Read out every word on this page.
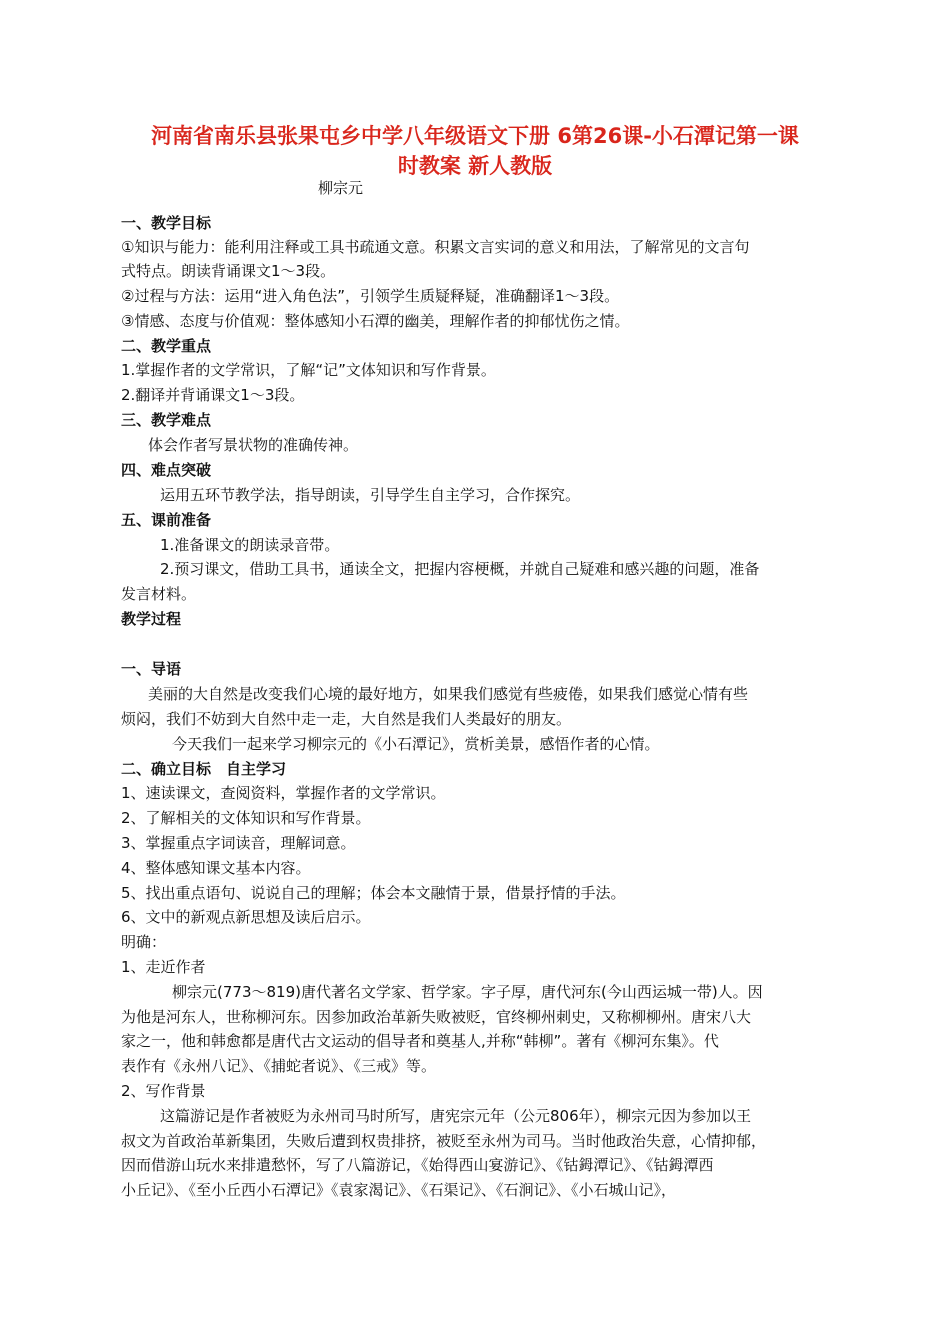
河南省南乐县张果屯乡中学八年级语文下册 6第26课-小石潭记第一课
时教案 新人教版
柳宗元
一、教学目标
①知识与能力：能利用注释或工具书疏通文意。积累文言实词的意义和用法，了解常见的文言句
式特点。朗读背诵课文1～3段。
②过程与方法：运用“进入角色法”，引领学生质疑释疑，准确翻译1～3段。
③情感、态度与价值观：整体感知小石潭的幽美，理解作者的抑郁忧伤之情。
二、教学重点
1.掌握作者的文学常识，了解“记”文体知识和写作背景。
2.翻译并背诵课文1～3段。
三、教学难点
体会作者写景状物的准确传神。
四、难点突破
运用五环节教学法，指导朗读，引导学生自主学习，合作探究。
五、课前准备
1.准备课文的朗读录音带。
2.预习课文，借助工具书，通读全文，把握内容梗概，并就自己疑难和感兴趣的问题，准备
发言材料。
教学过程
一、导语
美丽的大自然是改变我们心境的最好地方，如果我们感觉有些疲倦，如果我们感觉心情有些
烦闷，我们不妨到大自然中走一走，大自然是我们人类最好的朋友。
今天我们一起来学习柳宗元的《小石潭记》，赏析美景，感悟作者的心情。
二、确立目标　自主学习
1、速读课文，查阅资料，掌握作者的文学常识。
2、了解相关的文体知识和写作背景。
3、掌握重点字词读音，理解词意。
4、整体感知课文基本内容。
5、找出重点语句、说说自己的理解；体会本文融情于景，借景抒情的手法。
6、文中的新观点新思想及读后启示。
明确：
1、走近作者
柳宗元(773～819)唐代著名文学家、哲学家。字子厚，唐代河东(今山西运城一带)人。因
为他是河东人，世称柳河东。因参加政治革新失败被贬，官终柳州刺史，又称柳柳州。唐宋八大
家之一，他和韩愈都是唐代古文运动的倡导者和奠基人,并称“韩柳”。著有《柳河东集》。代
表作有《永州八记》、《捕蛇者说》、《三戒》等。
2、写作背景
这篇游记是作者被贬为永州司马时所写，唐宪宗元年（公元806年），柳宗元因为参加以王
叔文为首政治革新集团，失败后遭到权贵排挤，被贬至永州为司马。当时他政治失意，心情抑郁，
因而借游山玩水来排遣愁怀，写了八篇游记，《始得西山宴游记》、《钴鉧潭记》、《钴鉧潭西
小丘记》、《至小丘西小石潭记》《袁家渴记》、《石渠记》、《石涧记》、《小石城山记》，
